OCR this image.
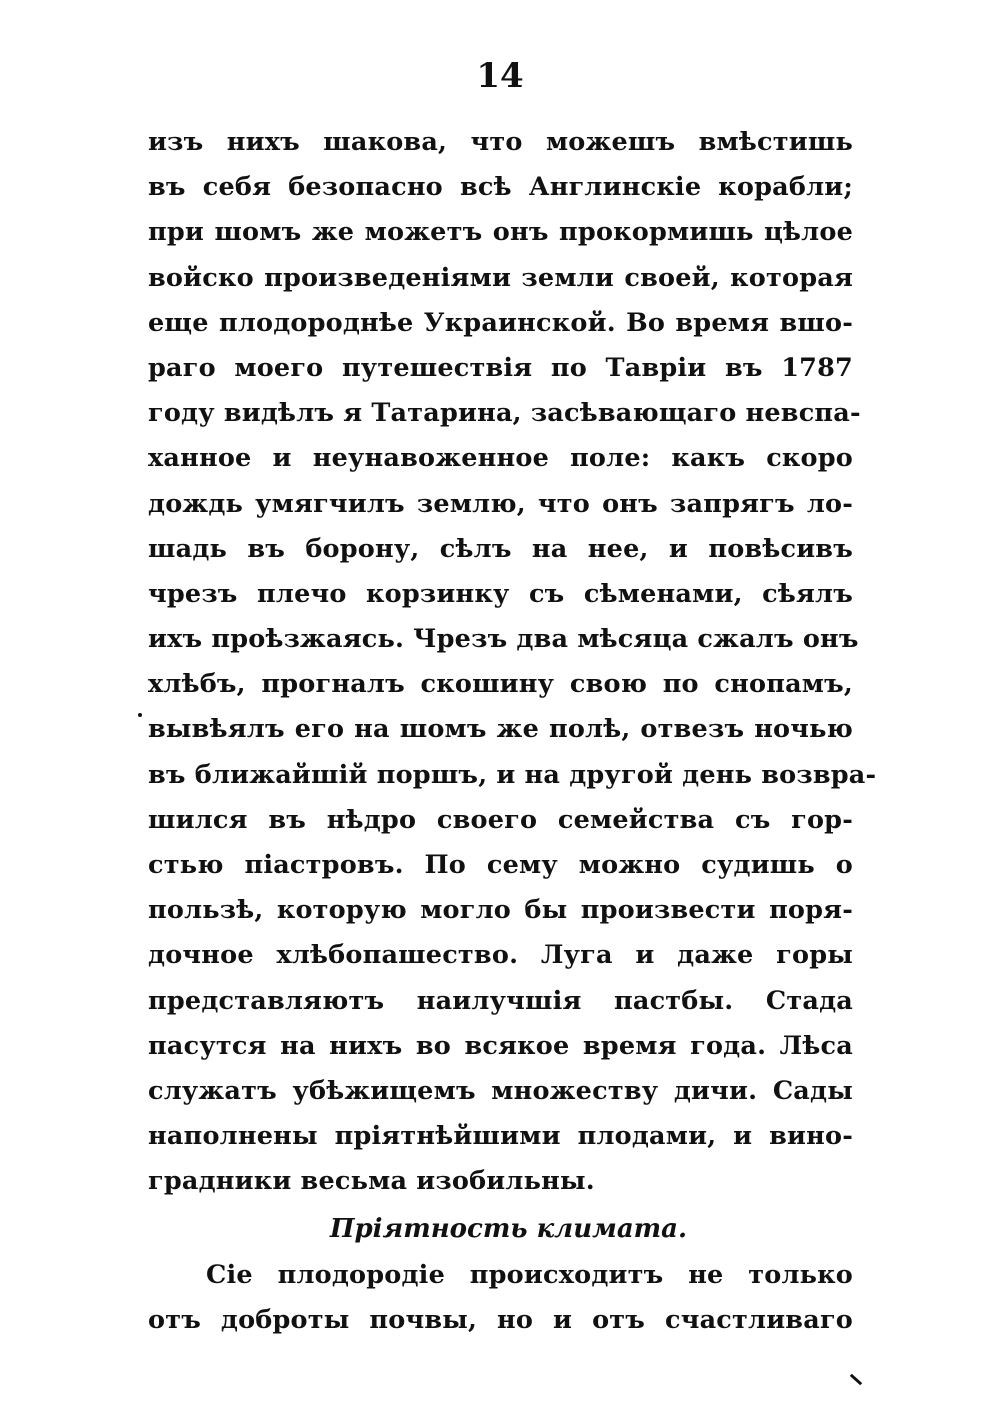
14
изъ нихъ шакова, что можешъ вмѣстишь
въ себя безопасно всѣ Англинскіе корабли;
при шомъ же можетъ онъ прокормишь цѣлое
войско произведеніями земли своей, которая
еще плодороднѣе Украинской. Во время вшо-
раго моего путешествія по Тавріи въ 1787
году видѣлъ я Татарина, засѣвающаго невспа-
ханное и неунавоженное поле: какъ скоро
дождь умягчилъ землю, что онъ запрягъ ло-
шадь въ борону, сѣлъ на нее, и повѣсивъ
чрезъ плечо корзинку съ сѣменами, сѣялъ
ихъ проѣзжаясь. Чрезъ два мѣсяца сжалъ онъ
хлѣбъ, прогналъ скошину свою по снопамъ,
вывѣялъ его на шомъ же полѣ, отвезъ ночью
въ ближайшій поршъ, и на другой день возвра-
шился въ нѣдро своего семейства съ гор-
стью піастровъ. По сему можно судишь о
пользѣ, которую могло бы произвести поря-
дочное хлѣбопашество. Луга и даже горы
представляютъ наилучшія пастбы. Стада
пасутся на нихъ во всякое время года. Лѣса
служатъ убѣжищемъ множеству дичи. Сады
наполнены пріятнѣйшими плодами, и вино-
градники весьма изобильны.
Пріятность климата.
Сіе плодородіе происходитъ не только
отъ доброты почвы, но и отъ счастливаго
